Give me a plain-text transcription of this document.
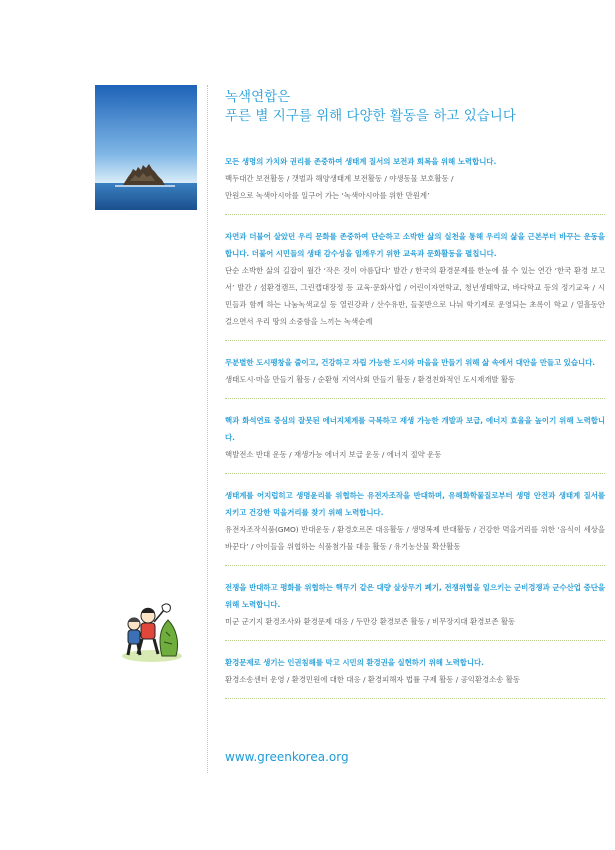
녹색연합은
푸른 별 지구를 위해 다양한 활동을 하고 있습니다
모든 생명의 가치와 권리를 존중하여 생태계 질서의 보전과 회복을 위해 노력합니다.
백두대간 보전활동 / 갯벌과 해양생태계 보전활동 / 야생동물 보호활동 /
만원으로 녹색아시아를 일구어 가는 ‘녹색아시아를 위한 만원계’
자연과 더불어 살았던 우리 문화를 존중하여 단순하고 소박한 삶의 실천을 통해 우리의 삶을 근본부터 바꾸는 운동을 합니다. 더불어 시민들의 생태 감수성을 일깨우기 위한 교육과 문화활동을 펼칩니다.
단순 소박한 삶의 길잡이 월간 ‘작은 것이 아름답다’ 발간 / 한국의 환경문제를 한눈에 볼 수 있는 연간 ‘한국 환경 보고서’ 발간 / 섬환경캠프, 그린캡대장정 등 교육·문화사업 / 어린이자연학교, 청년생태학교, 바다학교 등의 정기교육 / 시민들과 함께 하는 나눔녹색교실 등 열린강좌 / 산수유반, 들꽃반으로 나눠 학기제로 운영되는 초록이 학교 / 열흘동안 걸으면서 우리 땅의 소중함을 느끼는 녹색순례
무분별한 도시팽창을 줄이고, 건강하고 자립 가능한 도시와 마을을 만들기 위해 삶 속에서 대안을 만들고 있습니다.
생태도시·마을 만들기 활동 / 순환형 지역사회 만들기 활동 / 환경친화적인 도시재개발 활동
핵과 화석연료 중심의 잘못된 에너지체계를 극복하고 재생 가능한 개발과 보급, 에너지 효율을 높이기 위해 노력합니다.
핵발전소 반대 운동 / 재생가능 에너지 보급 운동 / 에너지 절약 운동
생태계를 어지럽히고 생명윤리를 위협하는 유전자조작을 반대하며, 유해화학물질로부터 생명 안전과 생태계 질서를 지키고 건강한 먹을거리를 찾기 위해 노력합니다.
유전자조작식품(GMO) 반대운동 / 환경호르몬 대응활동 / 생명복제 반대활동 / 건강한 먹을거리를 위한 ‘음식이 세상을 바꾼다’ / 아이들을 위협하는 식품첨가물 대응 활동 / 유기농산물 확산활동
전쟁을 반대하고 평화를 위협하는 핵무기 같은 대량 살상무기 폐기, 전쟁위협을 일으키는 군비경쟁과 군수산업 중단을 위해 노력합니다.
미군 군기지 환경조사와 환경문제 대응 / 두만강 환경보존 활동 / 비무장지대 환경보존 활동
환경문제로 생기는 인권침해를 막고 시민의 환경권을 실현하기 위해 노력합니다.
환경소송센터 운영 / 환경민원에 대한 대응 / 환경피해자 법률 구제 활동 / 공익환경소송 활동
www.greenkorea.org
